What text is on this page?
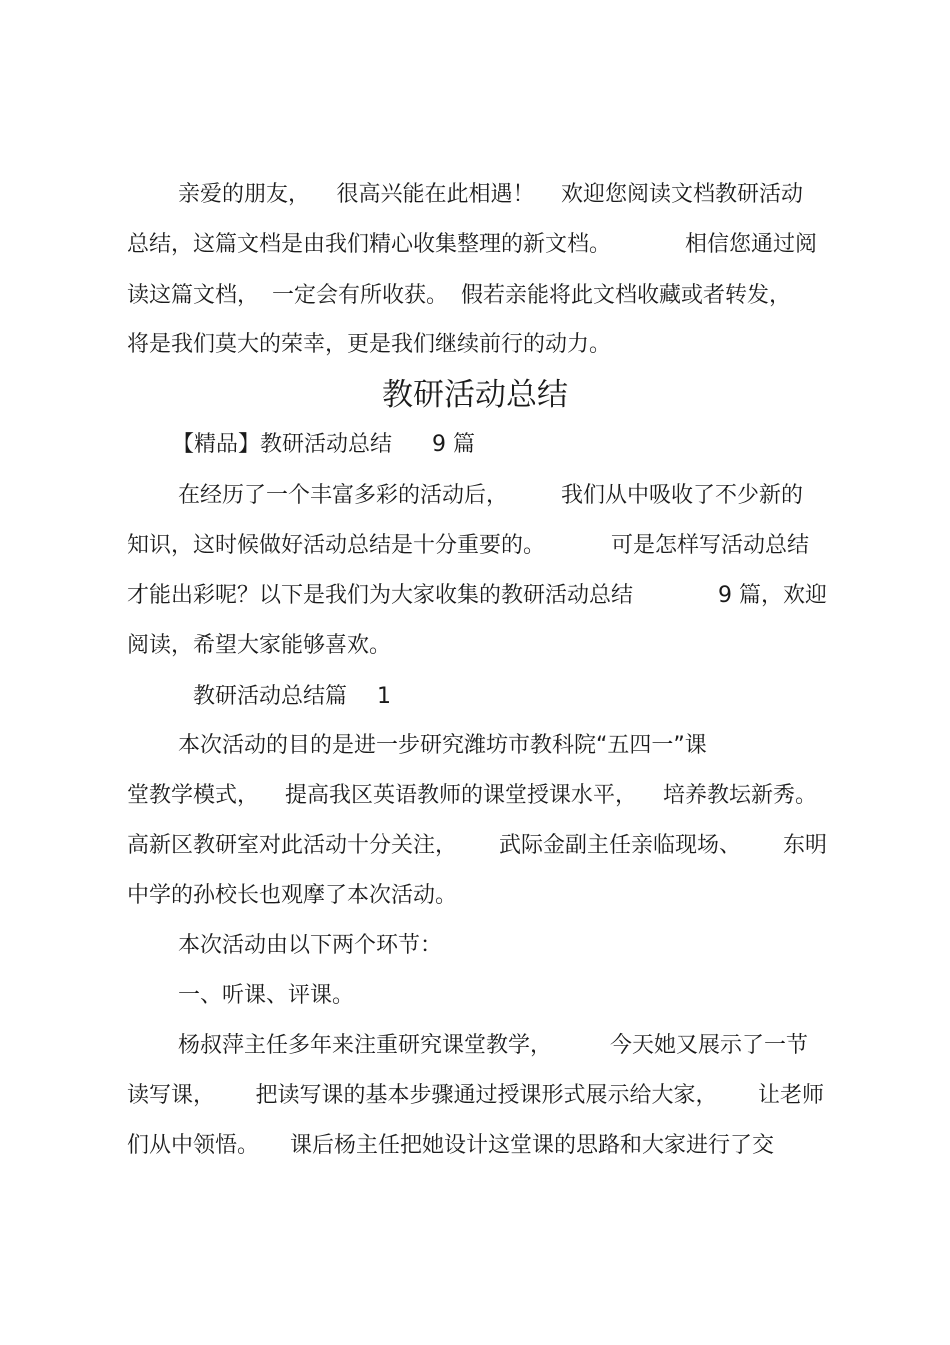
亲爱的朋友， 很高兴能在此相遇！ 欢迎您阅读文档教研活动
总结，这篇文档是由我们精心收集整理的新文档。	相信您通过阅
读这篇文档， 一定会有所收获。 假若亲能将此文档收藏或者转发，
将是我们莫大的荣幸，更是我们继续前行的动力。
教研活动总结
【精品】教研活动总结 9 篇
在经历了一个丰富多彩的活动后， 我们从中吸收了不少新的
知识，这时候做好活动总结是十分重要的。	可是怎样写活动总结
才能出彩呢？以下是我们为大家收集的教研活动总结	9 篇，欢迎
阅读，希望大家能够喜欢。
教研活动总结篇 1
本次活动的目的是进一步研究潍坊市教科院“五四一”课
堂教学模式， 提高我区英语教师的课堂授课水平， 培养教坛新秀。
高新区教研室对此活动十分关注， 武际金副主任亲临现场、 东明
中学的孙校长也观摩了本次活动。
本次活动由以下两个环节：
一、听课、评课。
杨叔萍主任多年来注重研究课堂教学，	今天她又展示了一节
读写课， 把读写课的基本步骤通过授课形式展示给大家， 让老师
们从中领悟。 课后杨主任把她设计这堂课的思路和大家进行了交
